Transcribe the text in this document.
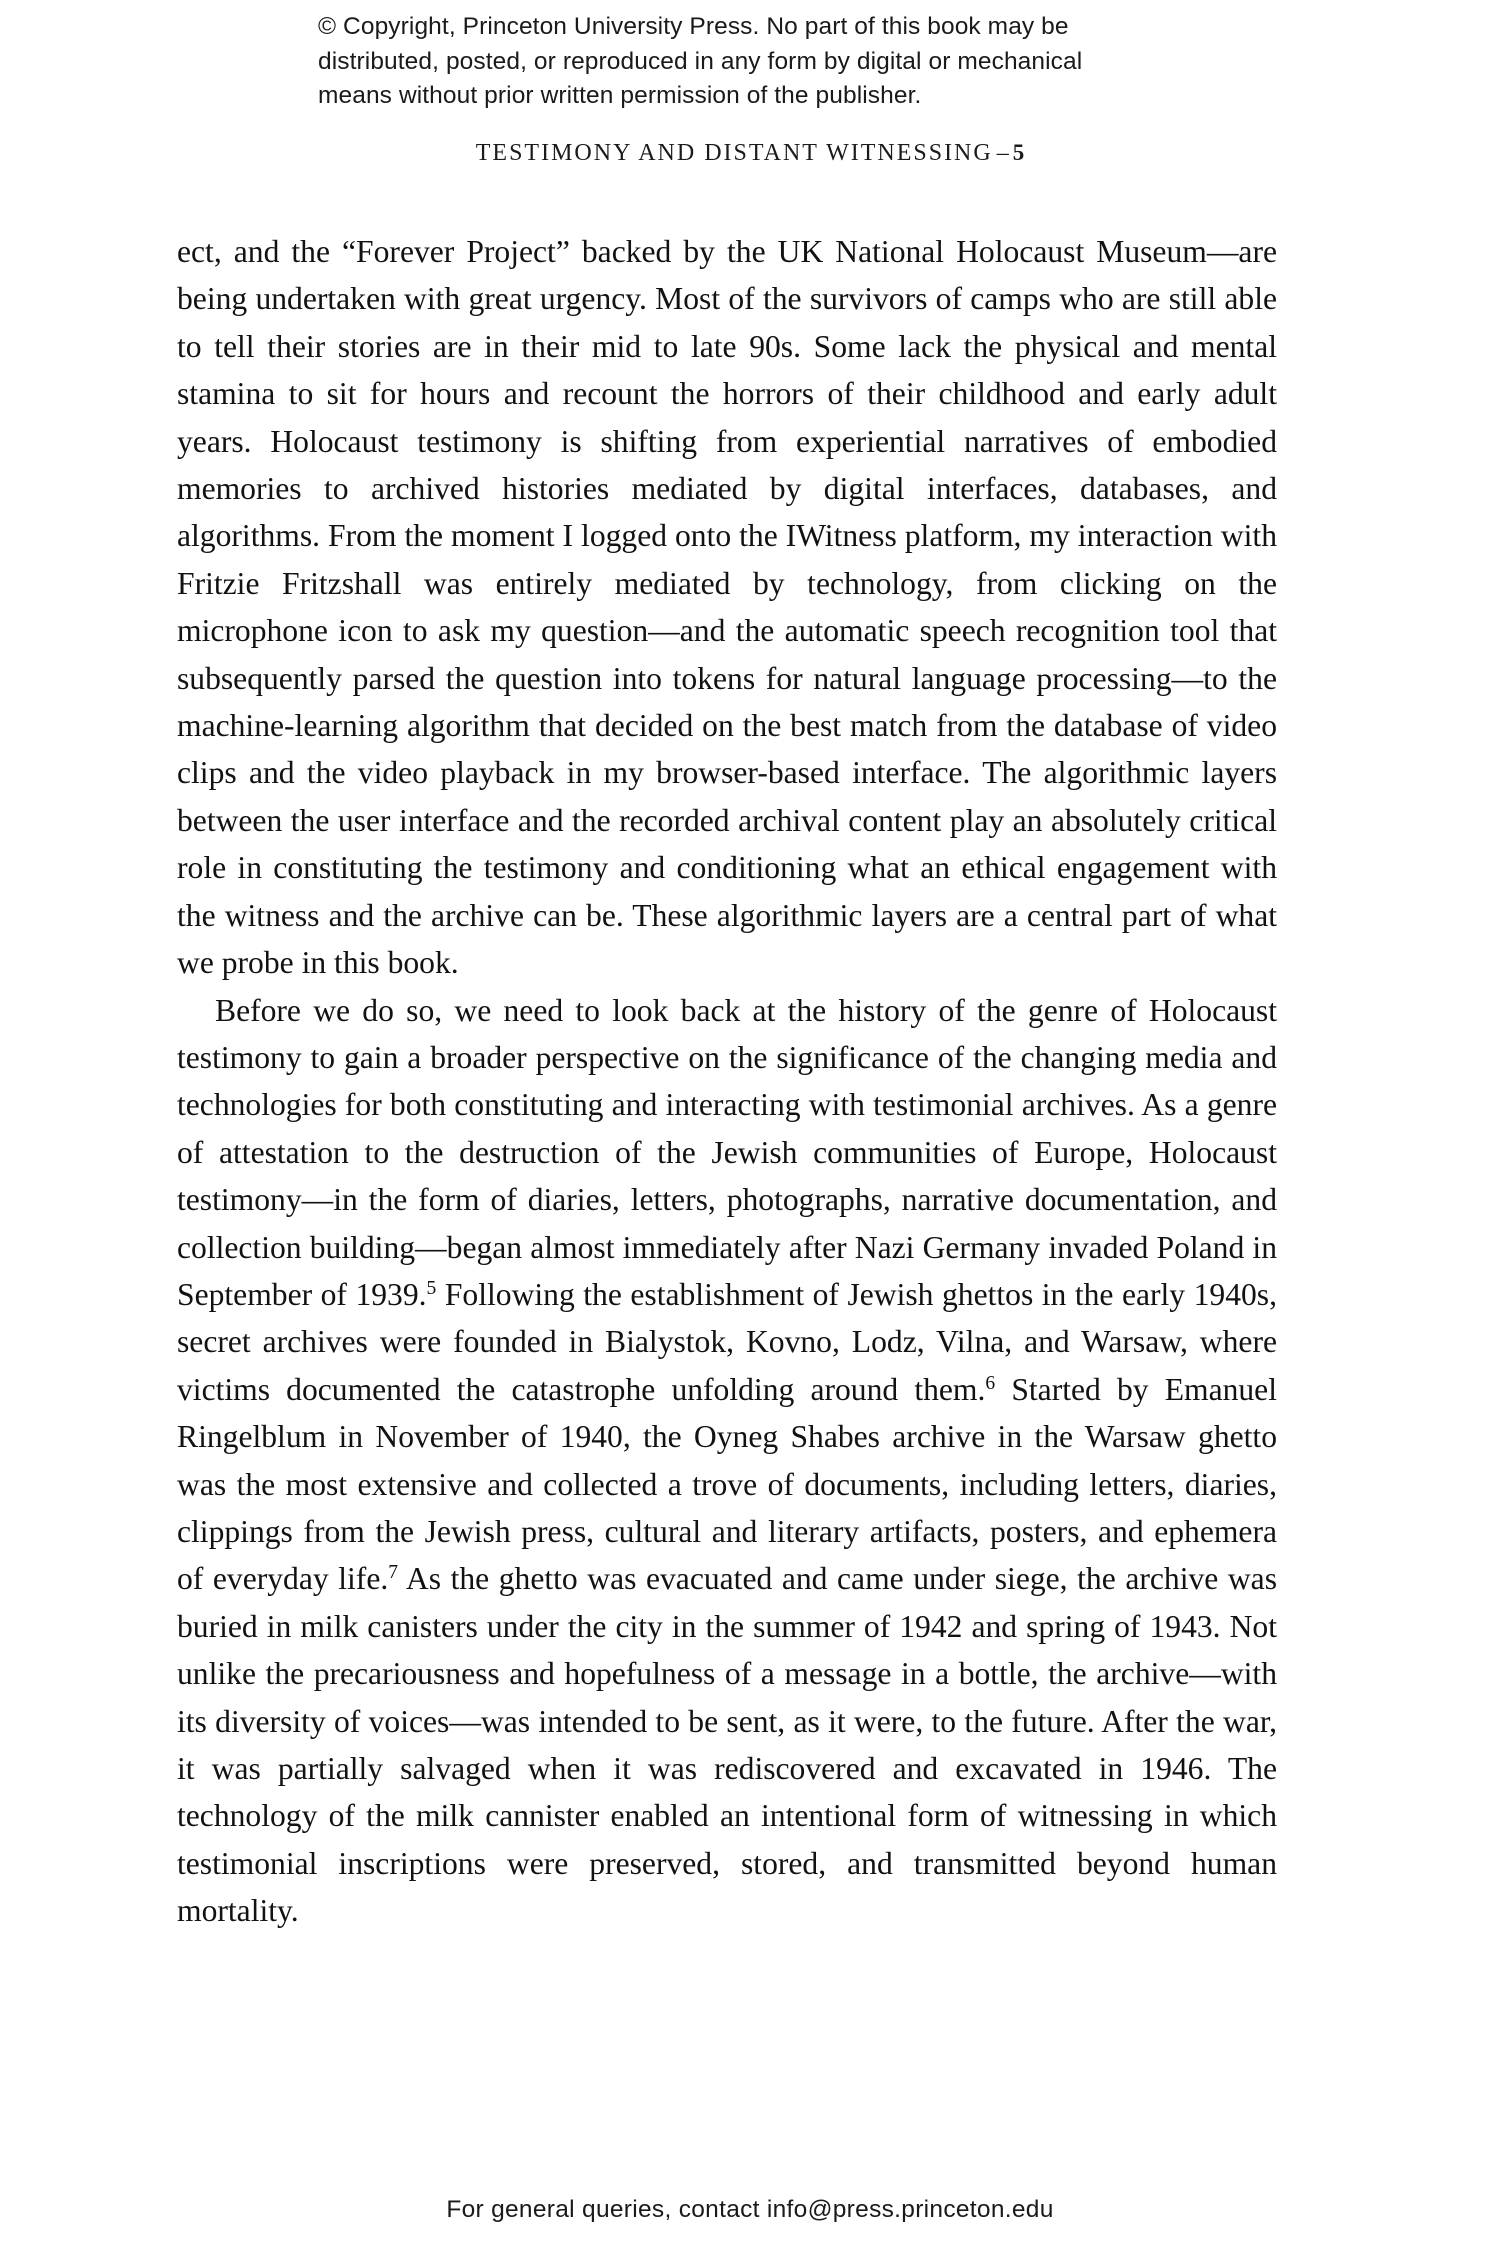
© Copyright, Princeton University Press. No part of this book may be
distributed, posted, or reproduced in any form by digital or mechanical
means without prior written permission of the publisher.
TESTIMONY AND DISTANT WITNESSING – 5

ect, and the “Forever Project” backed by the UK National Holocaust Museum—are being undertaken with great urgency. Most of the survivors of camps who are still able to tell their stories are in their mid to late 90s. Some lack the physical and mental stamina to sit for hours and recount the horrors of their childhood and early adult years. Holocaust testimony is shifting from experiential narratives of embodied memories to archived histories mediated by digital interfaces, databases, and algorithms. From the moment I logged onto the IWitness platform, my interaction with Fritzie Fritzshall was entirely mediated by technology, from clicking on the microphone icon to ask my question—and the automatic speech recognition tool that subsequently parsed the question into tokens for natural language processing—to the machine-learning algorithm that decided on the best match from the database of video clips and the video playback in my browser-based interface. The algorithmic layers between the user interface and the recorded archival content play an absolutely critical role in constituting the testimony and conditioning what an ethical engagement with the witness and the archive can be. These algorithmic layers are a central part of what we probe in this book.

Before we do so, we need to look back at the history of the genre of Holocaust testimony to gain a broader perspective on the significance of the changing media and technologies for both constituting and interacting with testimonial archives. As a genre of attestation to the destruction of the Jewish communities of Europe, Holocaust testimony—in the form of diaries, letters, photographs, narrative documentation, and collection building—began almost immediately after Nazi Germany invaded Poland in September of 1939.$^5$ Following the establishment of Jewish ghettos in the early 1940s, secret archives were founded in Bialystok, Kovno, Lodz, Vilna, and Warsaw, where victims documented the catastrophe unfolding around them.$^6$ Started by Emanuel Ringelblum in November of 1940, the Oyneg Shabes archive in the Warsaw ghetto was the most extensive and collected a trove of documents, including letters, diaries, clippings from the Jewish press, cultural and literary artifacts, posters, and ephemera of everyday life.$^7$ As the ghetto was evacuated and came under siege, the archive was buried in milk canisters under the city in the summer of 1942 and spring of 1943. Not unlike the precariousness and hopefulness of a message in a bottle, the archive—with its diversity of voices—was intended to be sent, as it were, to the future. After the war, it was partially salvaged when it was rediscovered and excavated in 1946. The technology of the milk cannister enabled an intentional form of witnessing in which testimonial inscriptions were preserved, stored, and transmitted beyond human mortality.

For general queries, contact info@press.princeton.edu
